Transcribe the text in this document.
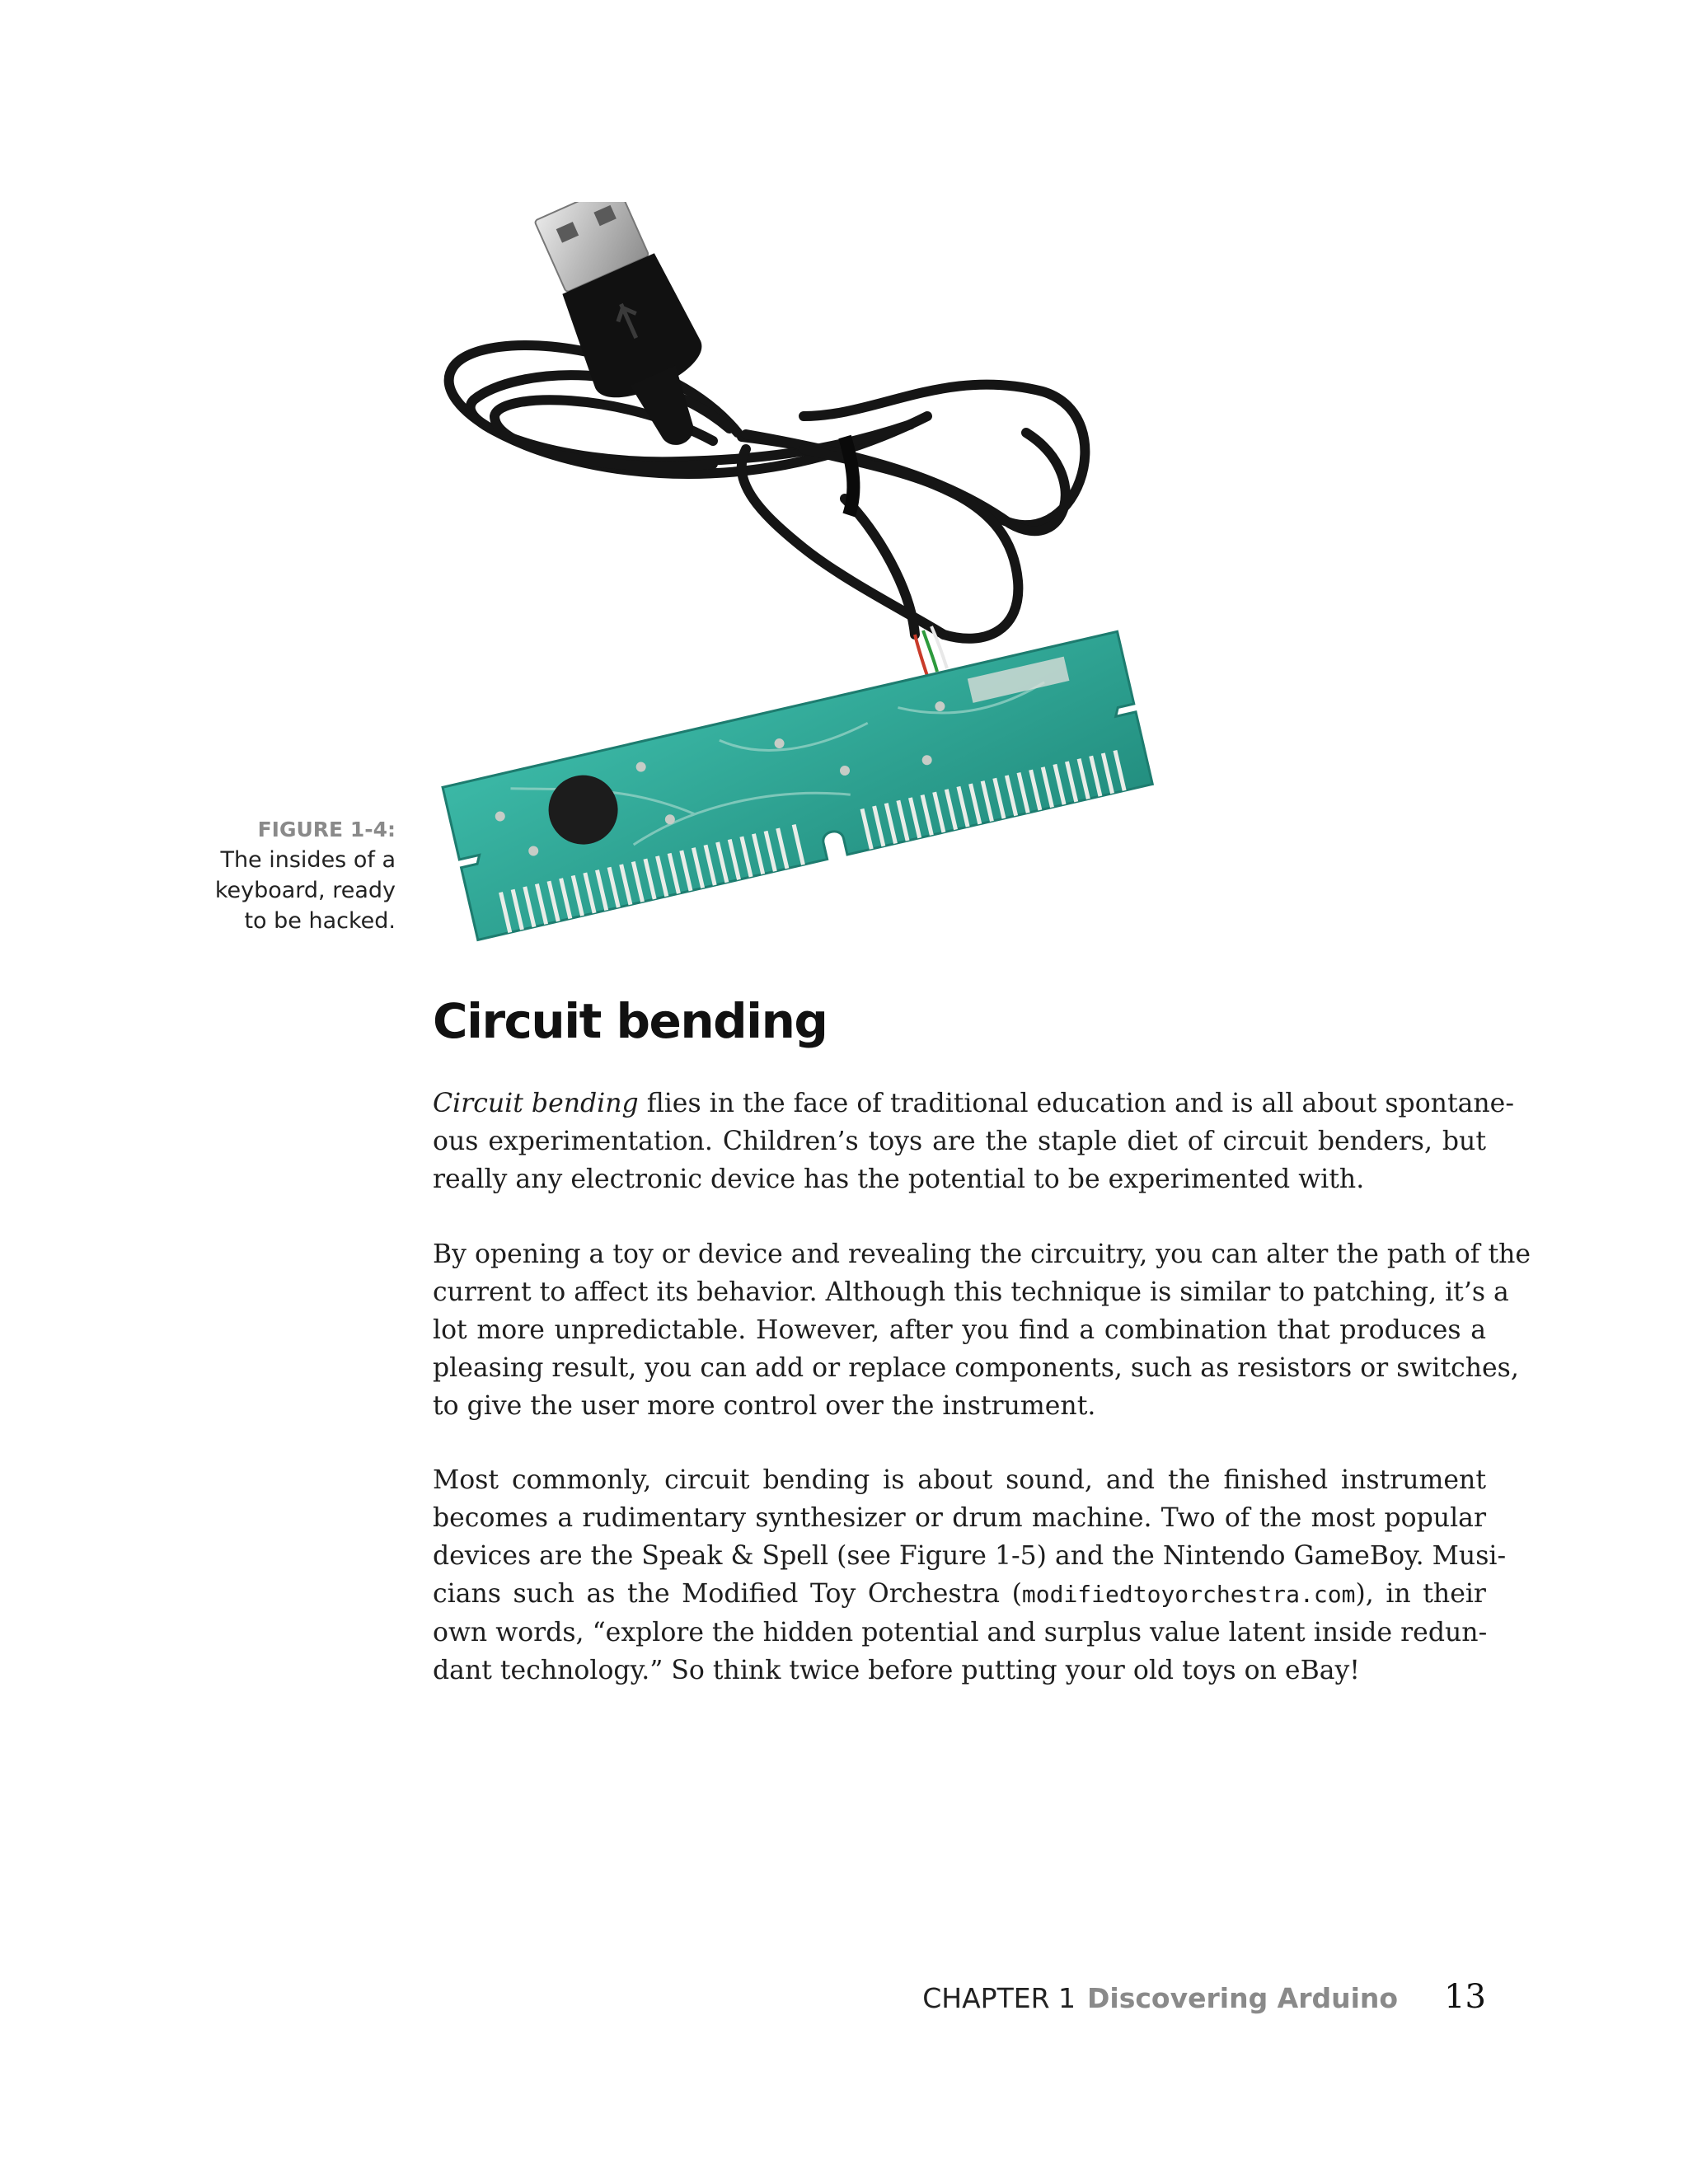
FIGURE 1-4:
The insides of a
keyboard, ready
to be hacked.
Circuit bending
Circuit bending flies in the face of traditional education and is all about spontane-
ous experimentation. Children’s toys are the staple diet of circuit benders, but
really any electronic device has the potential to be experimented with.
By opening a toy or device and revealing the circuitry, you can alter the path of the
current to affect its behavior. Although this technique is similar to patching, it’s a
lot more unpredictable. However, after you find a combination that produces a
pleasing result, you can add or replace components, such as resistors or switches,
to give the user more control over the instrument.
Most commonly, circuit bending is about sound, and the finished instrument
becomes a rudimentary synthesizer or drum machine. Two of the most popular
devices are the Speak & Spell (see Figure 1-5) and the Nintendo GameBoy. Musi-
cians such as the Modified Toy Orchestra (modifiedtoyorchestra.com), in their
own words, “explore the hidden potential and surplus value latent inside redun-
dant technology.” So think twice before putting your old toys on eBay!
CHAPTER 1 Discovering Arduino 13
